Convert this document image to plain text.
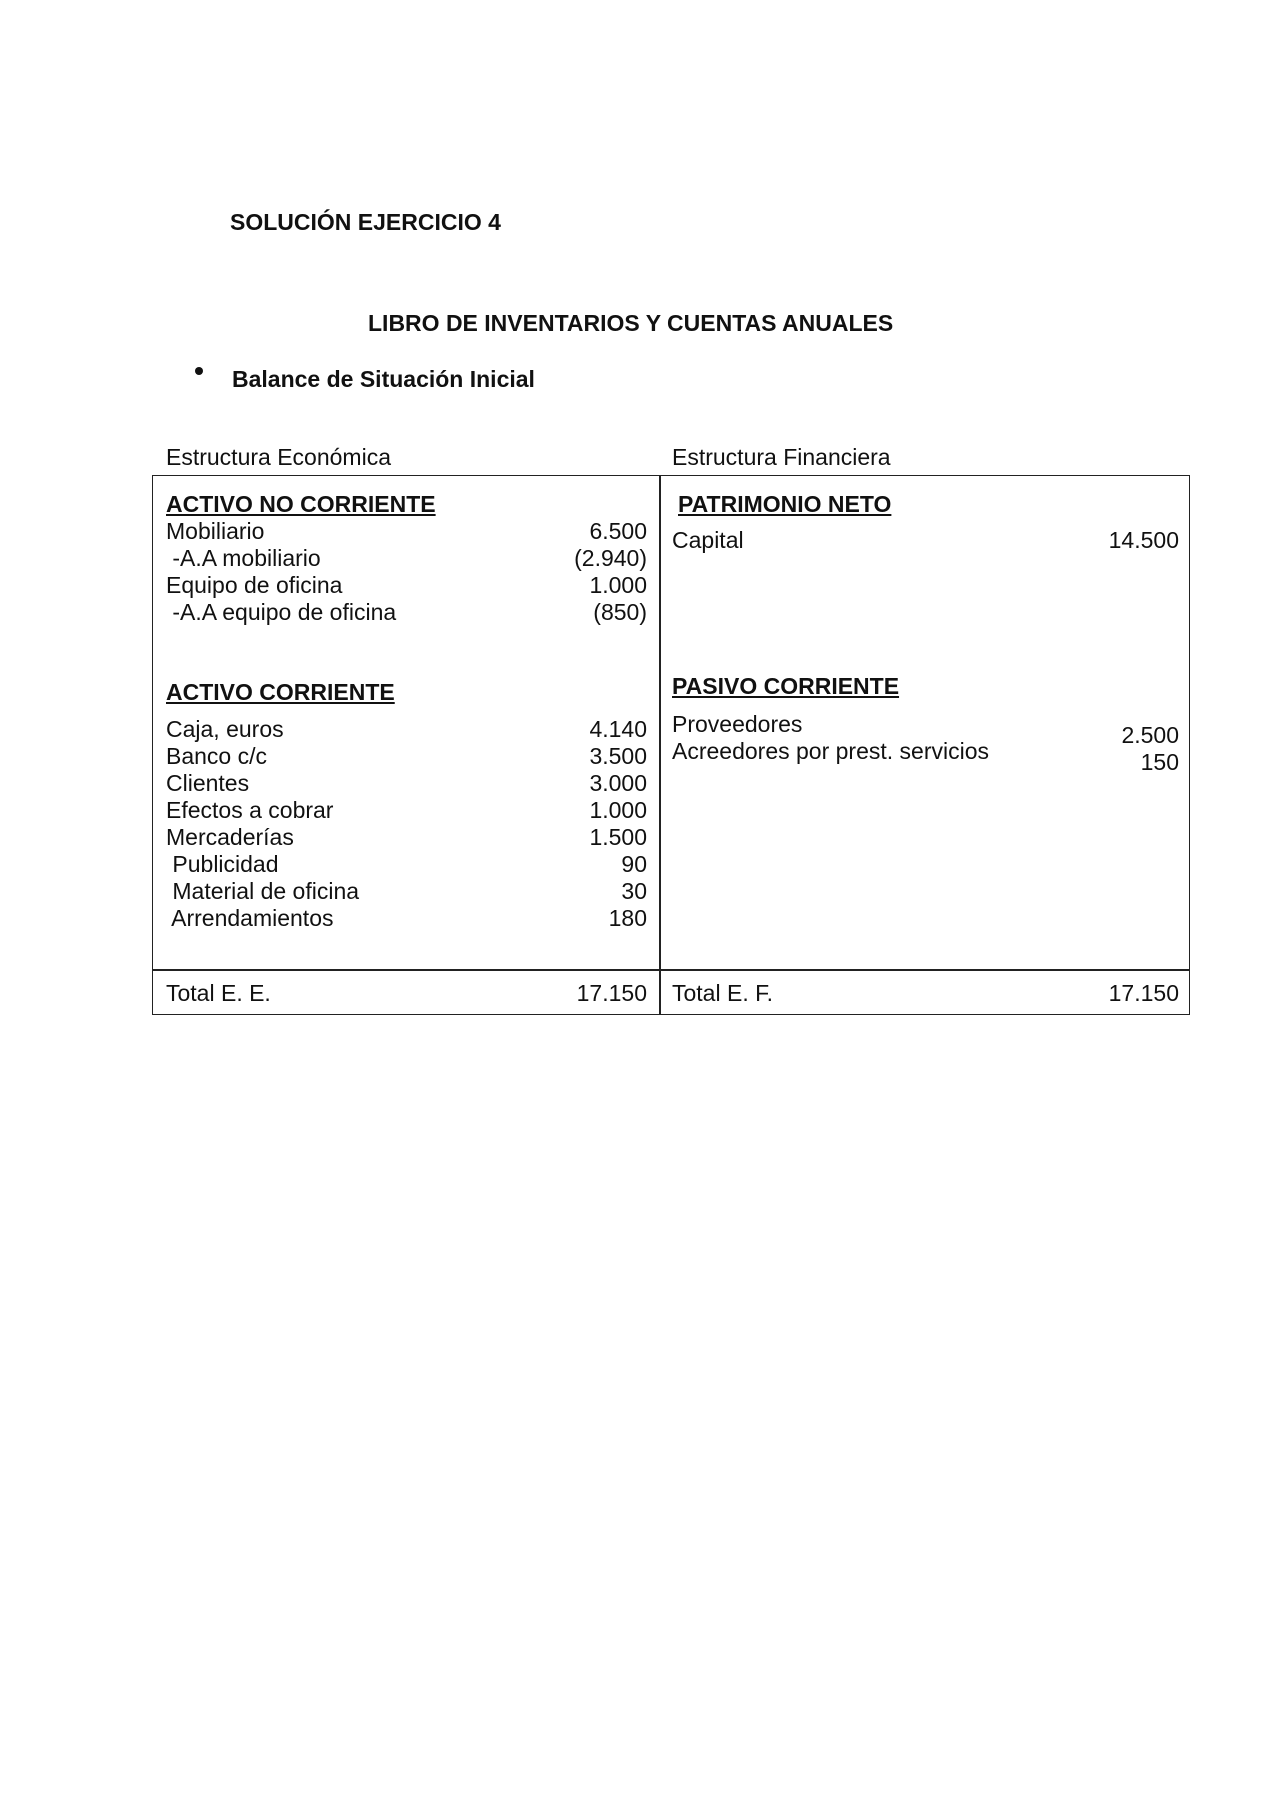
SOLUCIÓN EJERCICIO 4
LIBRO DE INVENTARIOS Y CUENTAS ANUALES
Balance de Situación Inicial
Estructura Económica	Estructura Financiera
ACTIVO NO CORRIENTE
Mobiliario	6.500
-A.A mobiliario	(2.940)
Equipo de oficina	1.000
-A.A equipo de oficina	(850)
ACTIVO CORRIENTE
Caja, euros	4.140
Banco c/c	3.500
Clientes	3.000
Efectos a cobrar	1.000
Mercaderías	1.500
Publicidad	90
Material de oficina	30
Arrendamientos	180
Total E. E.	17.150
PATRIMONIO NETO
Capital	14.500
PASIVO CORRIENTE
Proveedores	2.500
Acreedores por prest. servicios	150
Total E. F.	17.150
